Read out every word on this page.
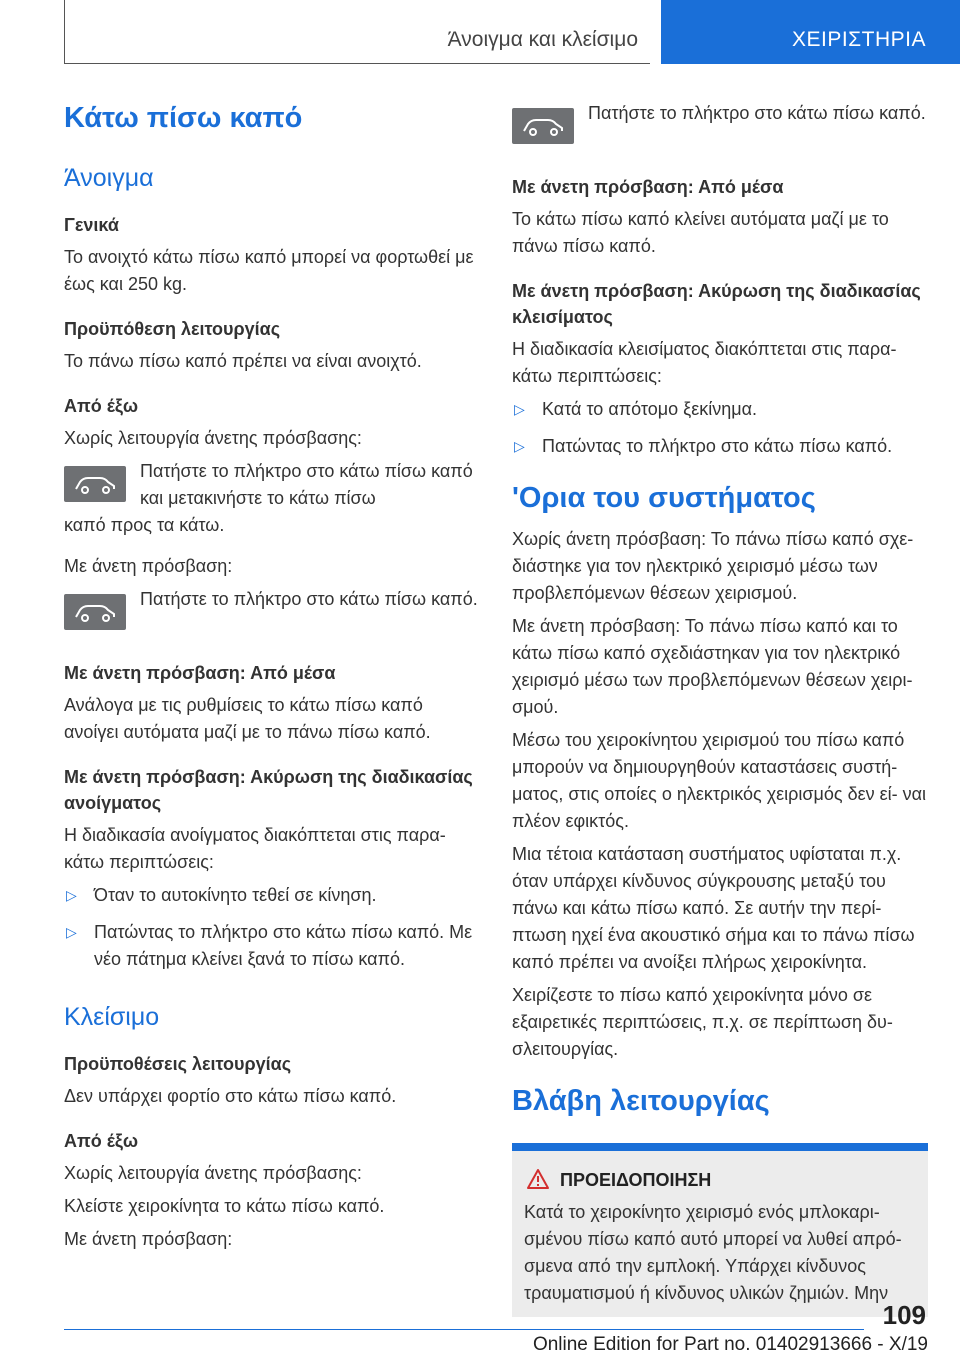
Άνοιγμα και κλείσιμο	ΧΕΙΡΙΣΤΗΡΙΑ
Κάτω πίσω καπό
Άνοιγμα
Γενικά

Το ανοιχτό κάτω πίσω καπό μπορεί να φορτωθεί με έως και 250 kg.

Προϋπόθεση λειτουργίας

Το πάνω πίσω καπό πρέπει να είναι ανοιχτό.

Από έξω

Χωρίς λειτουργία άνετης πρόσβασης:

Πατήστε το πλήκτρο στο κάτω πίσω καπό και μετακινήστε το κάτω πίσω
καπό προς τα κάτω.

Με άνετη πρόσβαση:

Πατήστε το πλήκτρο στο κάτω πίσω καπό.
Με άνετη πρόσβαση: Από μέσα

Ανάλογα με τις ρυθμίσεις το κάτω πίσω καπό ανοίγει αυτόματα μαζί με το πάνω πίσω καπό.

Με άνετη πρόσβαση: Ακύρωση της διαδικασίας ανοίγματος

Η διαδικασία ανοίγματος διακόπτεται στις παρα‐ κάτω περιπτώσεις:

▷ Όταν το αυτοκίνητο τεθεί σε κίνηση.
▷ Πατώντας το πλήκτρο στο κάτω πίσω καπό. Με νέο πάτημα κλείνει ξανά το πίσω καπό.
Κλείσιμο
Προϋποθέσεις λειτουργίας

Δεν υπάρχει φορτίο στο κάτω πίσω καπό.

Από έξω

Χωρίς λειτουργία άνετης πρόσβασης:

Κλείστε χειροκίνητα το κάτω πίσω καπό.

Με άνετη πρόσβαση:

Πατήστε το πλήκτρο στο κάτω πίσω καπό.
Με άνετη πρόσβαση: Από μέσα

Το κάτω πίσω καπό κλείνει αυτόματα μαζί με το πάνω πίσω καπό.

Με άνετη πρόσβαση: Ακύρωση της διαδικασίας κλεισίματος

Η διαδικασία κλεισίματος διακόπτεται στις παρα‐ κάτω περιπτώσεις:

▷ Κατά το απότομο ξεκίνημα.
▷ Πατώντας το πλήκτρο στο κάτω πίσω καπό.
'Ορια του συστήματος

Χωρίς άνετη πρόσβαση: Το πάνω πίσω καπό σχε‐ διάστηκε για τον ηλεκτρικό χειρισμό μέσω των προβλεπόμενων θέσεων χειρισμού.

Με άνετη πρόσβαση: Το πάνω πίσω καπό και το κάτω πίσω καπό σχεδιάστηκαν για τον ηλεκτρικό χειρισμό μέσω των προβλεπόμενων θέσεων χειρι‐ σμού.

Μέσω του χειροκίνητου χειρισμού του πίσω καπό μπορούν να δημιουργηθούν καταστάσεις συστή‐ ματος, στις οποίες ο ηλεκτρικός χειρισμός δεν εί‐ ναι πλέον εφικτός.

Μια τέτοια κατάσταση συστήματος υφίσταται π.χ. όταν υπάρχει κίνδυνος σύγκρουσης μεταξύ του πάνω και κάτω πίσω καπό. Σε αυτήν την περί‐ πτωση ηχεί ένα ακουστικό σήμα και το πάνω πίσω καπό πρέπει να ανοίξει πλήρως χειροκίνητα.

Χειρίζεστε το πίσω καπό χειροκίνητα μόνο σε εξαιρετικές περιπτώσεις, π.χ. σε περίπτωση δυ‐ σλειτουργίας.

Βλάβη λειτουργίας
ΠΡΟΕΙΔΟΠΟΙΗΣΗ

Κατά το χειροκίνητο χειρισμό ενός μπλοκαρι‐ σμένου πίσω καπό αυτό μπορεί να λυθεί απρό‐ σμενα από την εμπλοκή. Υπάρχει κίνδυνος τραυματισμού ή κίνδυνος υλικών ζημιών. Μην

109
Online Edition for Part no. 01402913666 - X/19
